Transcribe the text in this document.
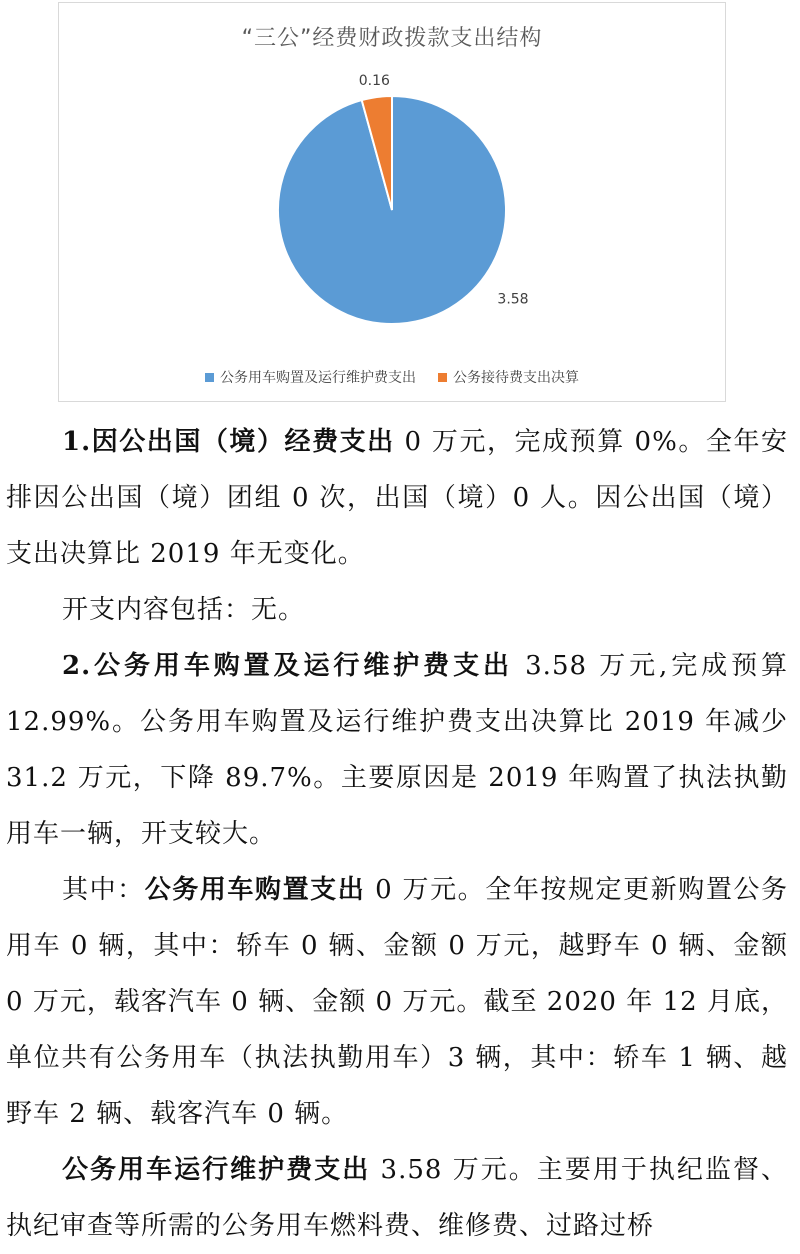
“三公”经费财政拨款支出结构
3.58
0.16
公务用车购置及运行维护费支出	公务接待费支出决算

1.因公出国（境）经费支出 0 万元，完成预算 0%。全年安排因公出国（境）团组 0 次，出国（境）0 人。因公出国（境）支出决算比 2019 年无变化。

开支内容包括：无。

2.公务用车购置及运行维护费支出 3.58 万元,完成预算 12.99%。公务用车购置及运行维护费支出决算比 2019 年减少 31.2 万元，下降 89.7%。主要原因是 2019 年购置了执法执勤用车一辆，开支较大。

其中：公务用车购置支出 0 万元。全年按规定更新购置公务用车 0 辆，其中：轿车 0 辆、金额 0 万元，越野车 0 辆、金额 0 万元，载客汽车 0 辆、金额 0 万元。截至 2020 年 12 月底，单位共有公务用车（执法执勤用车）3 辆，其中：轿车 1 辆、越野车 2 辆、载客汽车 0 辆。

公务用车运行维护费支出 3.58 万元。主要用于执纪监督、执纪审查等所需的公务用车燃料费、维修费、过路过桥
